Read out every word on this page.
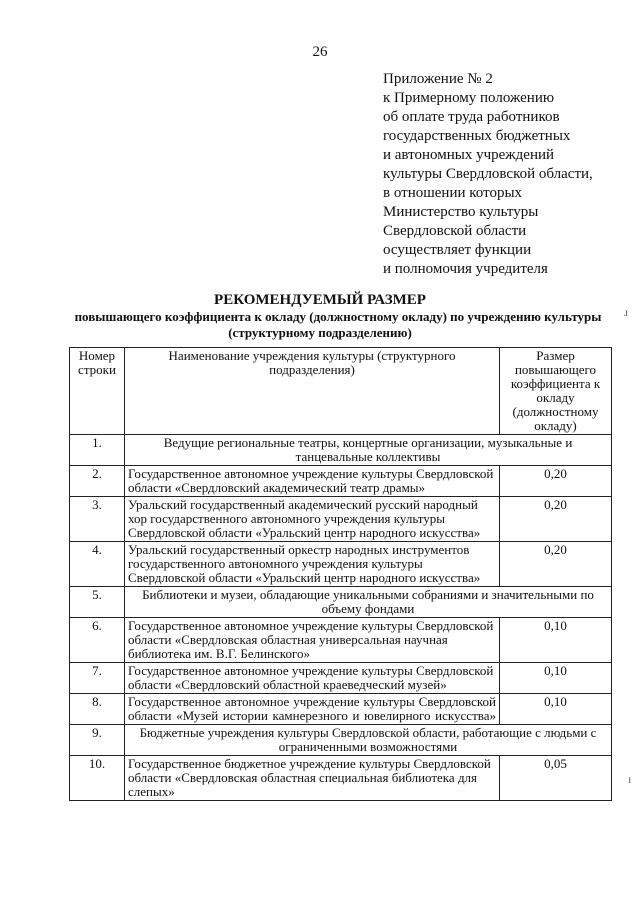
26
Приложение № 2
к Примерному положению
об оплате труда работников
государственных бюджетных
и автономных учреждений
культуры Свердловской области,
в отношении которых
Министерство культуры
Свердловской области
осуществляет функции
и полномочия учредителя
РЕКОМЕНДУЕМЫЙ РАЗМЕР
повышающего коэффициента к окладу (должностному окладу) по учреждению культуры
(структурному подразделению)
Номер строки	Наименование учреждения культуры (структурного подразделения)	Размер повышающего коэффициента к окладу (должностному окладу)
1.	Ведущие региональные театры, концертные организации, музыкальные и танцевальные коллективы	
2.	Государственное автономное учреждение культуры Свердловской области «Свердловский академический театр драмы»	0,20
3.	Уральский государственный академический русский народный хор государственного автономного учреждения культуры Свердловской области «Уральский центр народного искусства»	0,20
4.	Уральский государственный оркестр народных инструментов государственного автономного учреждения культуры Свердловской области «Уральский центр народного искусства»	0,20
5.	Библиотеки и музеи, обладающие уникальными собраниями и значительными по объему фондами	
6.	Государственное автономное учреждение культуры Свердловской области «Свердловская областная универсальная научная библиотека им. В.Г. Белинского»	0,10
7.	Государственное автономное учреждение культуры Свердловской области «Свердловский областной краеведческий музей»	0,10
8.	Государственное автономное учреждение культуры Свердловской области «Музей истории камнерезного и ювелирного искусства»	0,10
9.	Бюджетные учреждения культуры Свердловской области, работающие с людьми с ограниченными возможностями	
10.	Государственное бюджетное учреждение культуры Свердловской области «Свердловская областная специальная библиотека для слепых»	0,05
ɹ
ɪ
